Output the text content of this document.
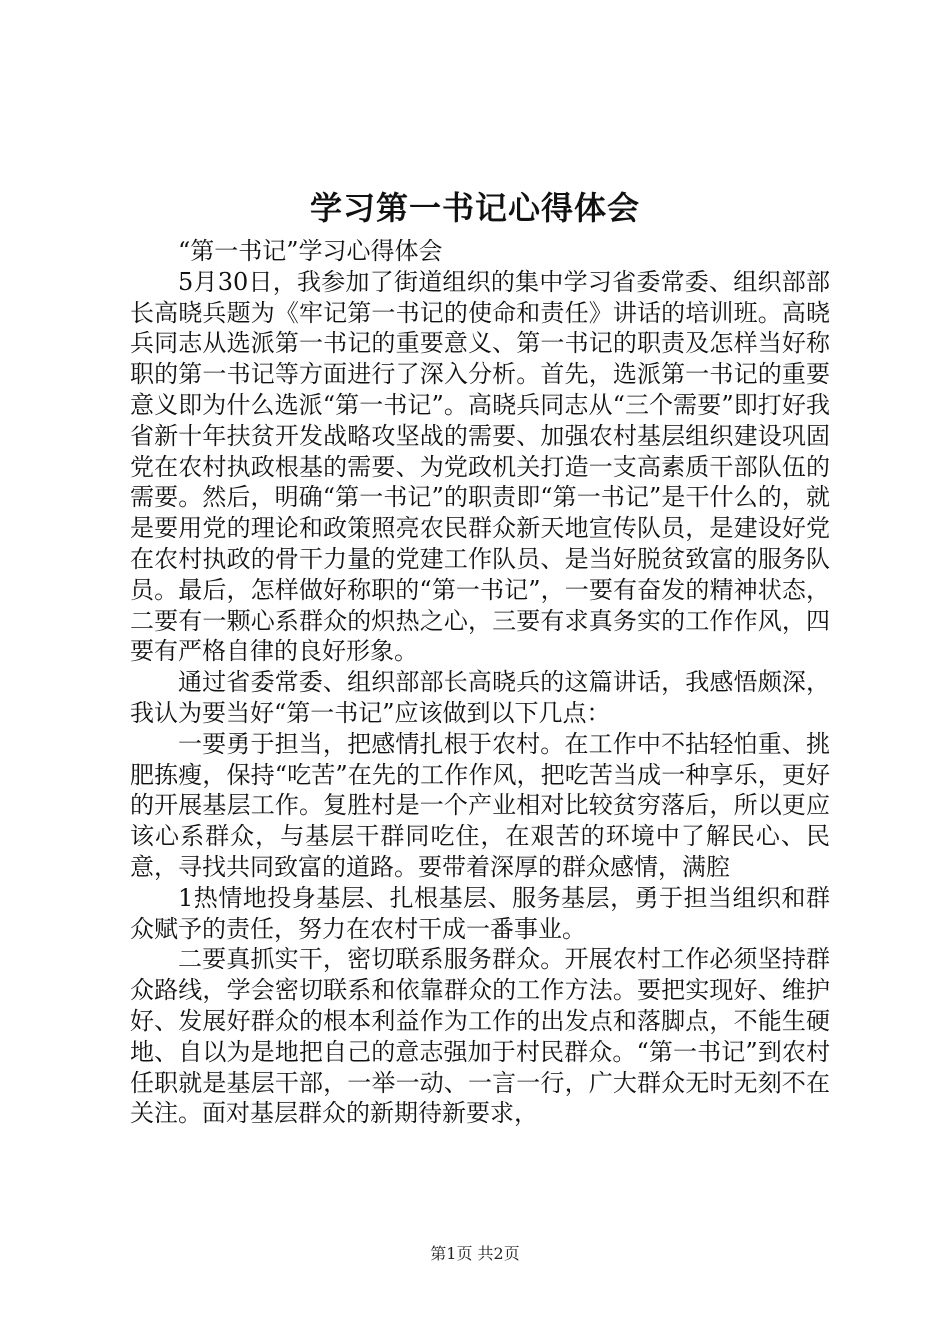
学习第一书记心得体会

“第一书记”学习心得体会

5月30日，我参加了街道组织的集中学习省委常委、组织部部长高晓兵题为《牢记第一书记的使命和责任》讲话的培训班。高晓兵同志从选派第一书记的重要意义、第一书记的职责及怎样当好称职的第一书记等方面进行了深入分析。首先，选派第一书记的重要意义即为什么选派“第一书记”。高晓兵同志从“三个需要”即打好我省新十年扶贫开发战略攻坚战的需要、加强农村基层组织建设巩固党在农村执政根基的需要、为党政机关打造一支高素质干部队伍的需要。然后，明确“第一书记”的职责即“第一书记”是干什么的，就是要用党的理论和政策照亮农民群众新天地宣传队员，是建设好党在农村执政的骨干力量的党建工作队员、是当好脱贫致富的服务队员。最后，怎样做好称职的“第一书记”，一要有奋发的精神状态，二要有一颗心系群众的炽热之心，三要有求真务实的工作作风，四要有严格自律的良好形象。

通过省委常委、组织部部长高晓兵的这篇讲话，我感悟颇深，我认为要当好“第一书记”应该做到以下几点：

一要勇于担当，把感情扎根于农村。在工作中不拈轻怕重、挑肥拣瘦，保持“吃苦”在先的工作作风，把吃苦当成一种享乐，更好的开展基层工作。复胜村是一个产业相对比较贫穷落后，所以更应该心系群众，与基层干群同吃住，在艰苦的环境中了解民心、民意，寻找共同致富的道路。要带着深厚的群众感情，满腔

1热情地投身基层、扎根基层、服务基层，勇于担当组织和群众赋予的责任，努力在农村干成一番事业。

二要真抓实干，密切联系服务群众。开展农村工作必须坚持群众路线，学会密切联系和依靠群众的工作方法。要把实现好、维护好、发展好群众的根本利益作为工作的出发点和落脚点，不能生硬地、自以为是地把自己的意志强加于村民群众。“第一书记”到农村任职就是基层干部，一举一动、一言一行，广大群众无时无刻不在关注。面对基层群众的新期待新要求，

第1页 共2页
